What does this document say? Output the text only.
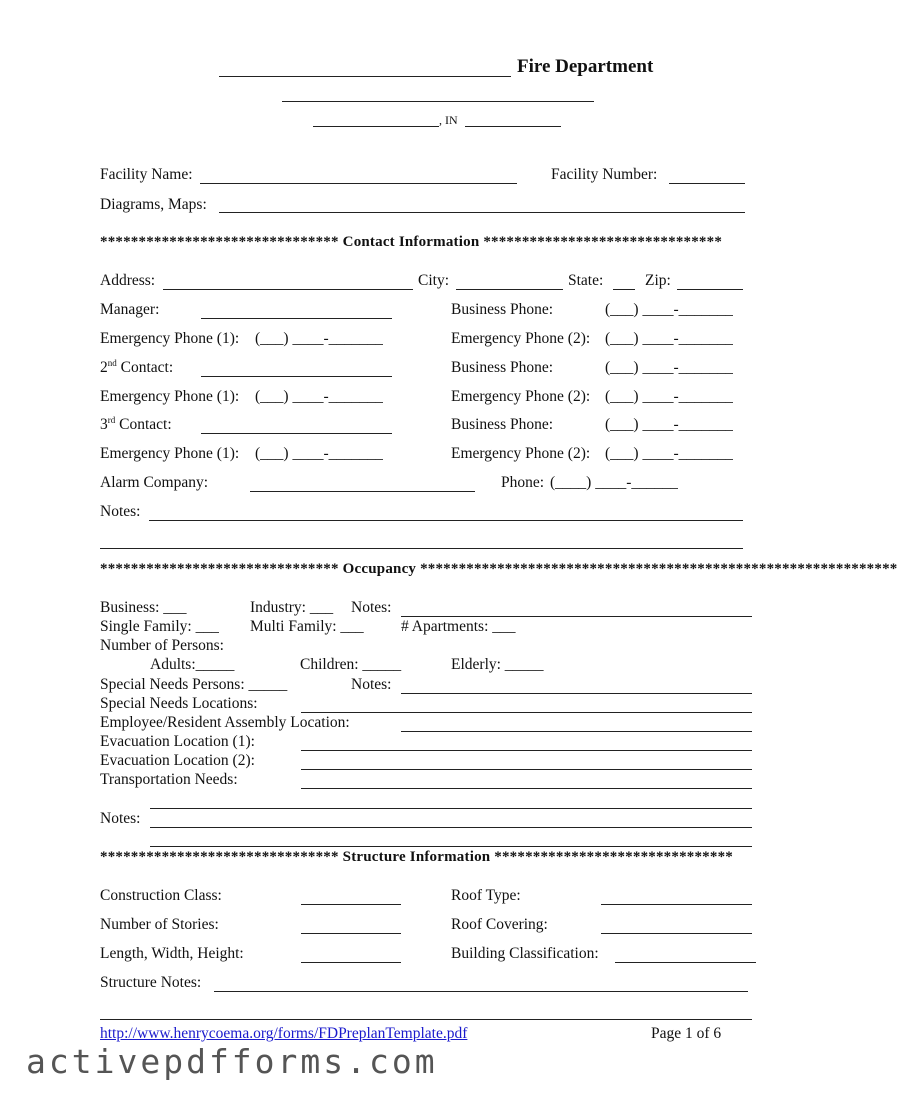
Fire Department
, IN
Facility Name:	Facility Number:
Diagrams, Maps:
******************************* Contact Information *******************************
Address:	City:	State:	Zip:
Manager:	Business Phone:	(___) ____-_______
Emergency Phone (1): (___) ____-_______	Emergency Phone (2): (___) ____-_______
2nd Contact:	Business Phone:	(___) ____-_______
Emergency Phone (1): (___) ____-_______	Emergency Phone (2): (___) ____-_______
3rd Contact:	Business Phone:	(___) ____-_______
Emergency Phone (1): (___) ____-_______	Emergency Phone (2): (___) ____-_______
Alarm Company:	Phone: (____) ____-______
Notes:
******************************* Occupancy **************************************************************
Business: ___	Industry: ___ Notes:
Single Family: ___ Multi Family: ___ # Apartments: ___
Number of Persons:
Adults:_____	Children: _____	Elderly: _____
Special Needs Persons: _____	Notes:
Special Needs Locations:
Employee/Resident Assembly Location:
Evacuation Location (1):
Evacuation Location (2):
Transportation Needs:
Notes:
******************************* Structure Information *******************************
Construction Class:	Roof Type:
Number of Stories:	Roof Covering:
Length, Width, Height:	Building Classification:
Structure Notes:
http://www.henrycoema.org/forms/FDPreplanTemplate.pdf	Page 1 of 6
activepdfforms.com
